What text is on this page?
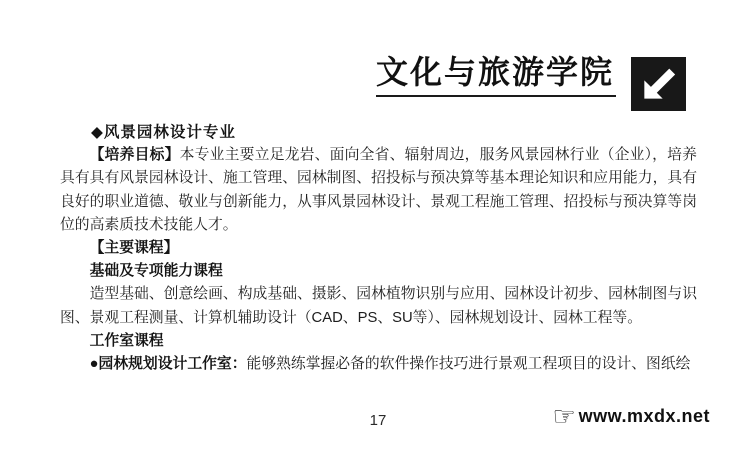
文化与旅游学院
◆风景园林设计专业

【培养目标】本专业主要立足龙岩、面向全省、辐射周边，服务风景园林行业（企业），培养具有具有风景园林设计、施工管理、园林制图、招投标与预决算等基本理论知识和应用能力，具有良好的职业道德、敬业与创新能力，从事风景园林设计、景观工程施工管理、招投标与预决算等岗位的高素质技术技能人才。

【主要课程】

基础及专项能力课程

造型基础、创意绘画、构成基础、摄影、园林植物识别与应用、园林设计初步、园林制图与识图、景观工程测量、计算机辅助设计（CAD、PS、SU等）、园林规划设计、园林工程等。

工作室课程

●园林规划设计工作室：能够熟练掌握必备的软件操作技巧进行景观工程项目的设计、图纸绘

17	☞ www.mxdx.net
